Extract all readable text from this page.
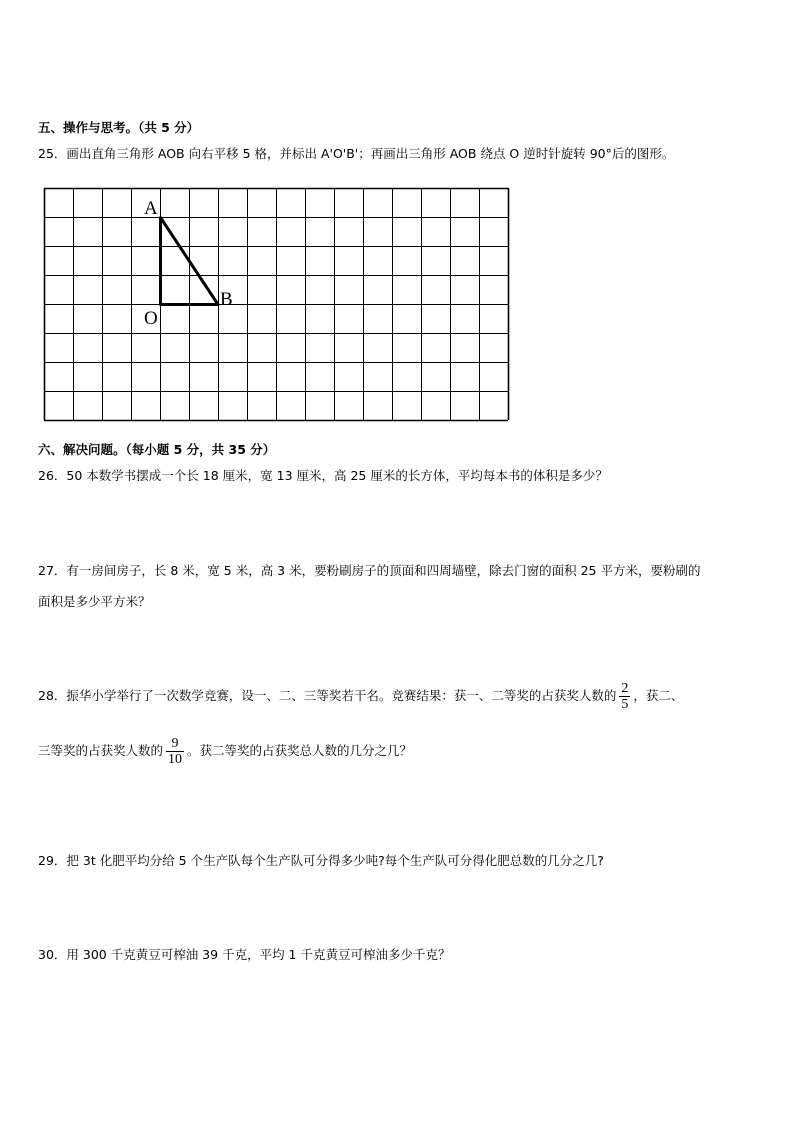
五、操作与思考。（共 5 分）
25．画出直角三角形 AOB 向右平移 5 格，并标出 A'O'B'；再画出三角形 AOB 绕点 O 逆时针旋转 90°后的图形。
A
O
B
六、解决问题。（每小题 5 分，共 35 分）
26．50 本数学书摆成一个长 18 厘米，宽 13 厘米，高 25 厘米的长方体，平均每本书的体积是多少？
27．有一房间房子，长 8 米，宽 5 米，高 3 米，要粉刷房子的顶面和四周墙壁，除去门窗的面积 25 平方米，要粉刷的
面积是多少平方米？
28．振华小学举行了一次数学竞赛，设一、二、三等奖若干名。竞赛结果：获一、二等奖的占获奖人数的 $\frac{2}{5}$ ，获二、
三等奖的占获奖人数的 $\frac{9}{10}$ 。获二等奖的占获奖总人数的几分之几？
29．把 3t 化肥平均分给 5 个生产队每个生产队可分得多少吨?每个生产队可分得化肥总数的几分之几?
30．用 300 千克黄豆可榨油 39 千克，平均 1 千克黄豆可榨油多少千克？
